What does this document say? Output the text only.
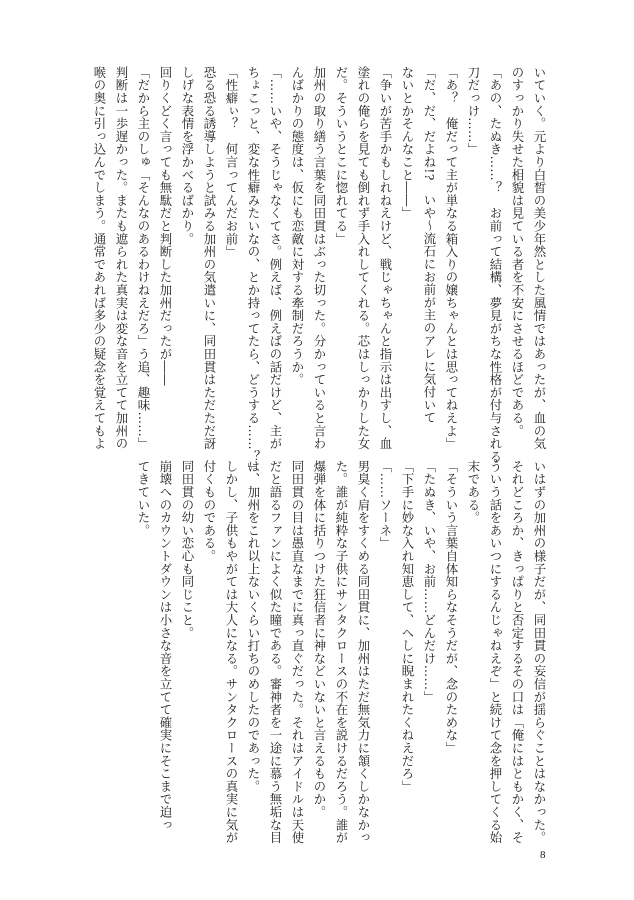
いていく。元より白皙の美少年然とした風情ではあったが、血の気

のすっかり失せた相貌は見ている者を不安にさせるほどである。

「あの、たぬき……？　お前って結構、夢見がちな性格が付与される

刀だっけ……」

「あ？　俺だって主が単なる箱入りの嬢ちゃんとは思ってねえよ」

「だ、だ、だよね!?　いや～流石にお前が主のアレに気付いて

ないとかそんなこと――」

「争いが苦手かもしれねえけど、戦じゃちゃんと指示は出すし、血

塗れの俺らを見ても倒れず手入れしてくれる。芯はしっかりした女

だ。そういうとこに惚れてる」

加州の取り繕う言葉を同田貫はぶった切った。分かっていると言わ

んばかりの態度は、仮にも恋敵に対する牽制だろうか。

「……いや、そうじゃなくてさ。例えば、例えばの話だけど、主が

ちょこっと、変な性癖みたいなの、とか持ってたら、どうする……？」

「性癖ぃ？　何言ってんだお前」

恐る恐る誘導しようと試みる加州の気遣いに、同田貫はただただ訝

しげな表情を浮かべるばかり。

回りくどく言っても無駄だと判断した加州だったが――

「だから主のしゅ「そんなのあるわけねえだろ」う追、趣味……」

判断は一歩遅かった。またも遮られた真実は変な音を立てて加州の

喉の奥に引っ込んでしまう。通常であれば多少の疑念を覚えてもよ

いはずの加州の様子だが、同田貫の妄信が揺らぐことはなかった。

それどころか、きっぱりと否定するその口は「俺にはともかく、そ

ういう話をあいつにするんじゃねえぞ」と続けて念を押してくる始

末である。

「そういう言葉自体知らなそうだが、念のためな」

「たぬき、いや、お前……どんだけ……」

「下手に妙な入れ知恵して、へしに睨まれたくねえだろ」

「……ソーネ」

男臭く肩をすくめる同田貫に、加州はただ無気力に頷くしかなかっ

た。誰が純粋な子供にサンタクロースの不在を説けるだろう。誰が

爆弾を体に括りつけた狂信者に神などいないと言えるものか。

同田貫の目は愚直なまでに真っ直ぐだった。それはアイドルは天使

だと語るファンによく似た瞳である。審神者を一途に慕う無垢な目

は、加州をこれ以上ないくらい打ちのめしたのであった。

しかし、子供もやがては大人になる。サンタクロースの真実に気が

付くものである。

同田貫の幼い恋心も同じこと。

崩壊へのカウントダウンは小さな音を立てて確実にそこまで迫っ

てきていた。

8
